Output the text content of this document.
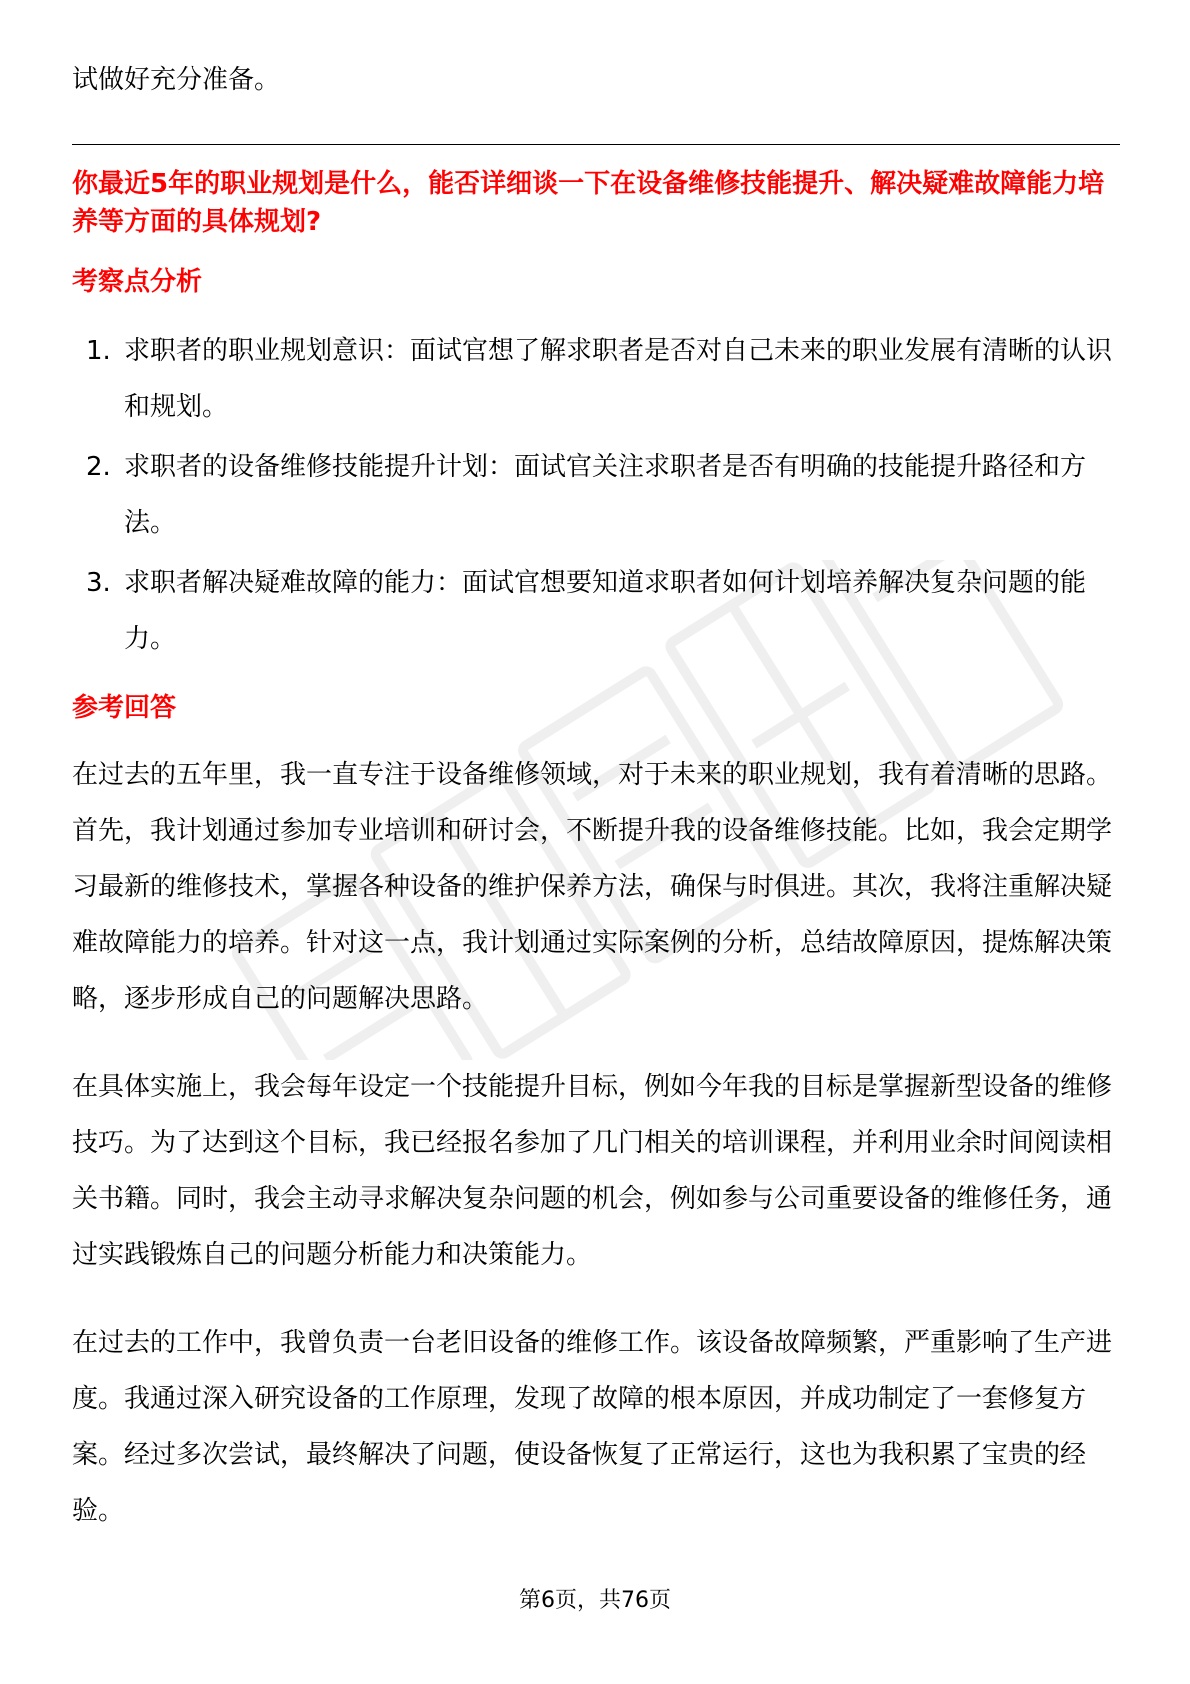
试做好充分准备。

你最近5年的职业规划是什么，能否详细谈一下在设备维修技能提升、解决疑难故障能力培养等方面的具体规划?

考察点分析

1. 求职者的职业规划意识：面试官想了解求职者是否对自己未来的职业发展有清晰的认识和规划。
2. 求职者的设备维修技能提升计划：面试官关注求职者是否有明确的技能提升路径和方法。
3. 求职者解决疑难故障的能力：面试官想要知道求职者如何计划培养解决复杂问题的能力。

参考回答

在过去的五年里，我一直专注于设备维修领域，对于未来的职业规划，我有着清晰的思路。首先，我计划通过参加专业培训和研讨会，不断提升我的设备维修技能。比如，我会定期学习最新的维修技术，掌握各种设备的维护保养方法，确保与时俱进。其次，我将注重解决疑难故障能力的培养。针对这一点，我计划通过实际案例的分析，总结故障原因，提炼解决策略，逐步形成自己的问题解决思路。

在具体实施上，我会每年设定一个技能提升目标，例如今年我的目标是掌握新型设备的维修技巧。为了达到这个目标，我已经报名参加了几门相关的培训课程，并利用业余时间阅读相关书籍。同时，我会主动寻求解决复杂问题的机会，例如参与公司重要设备的维修任务，通过实践锻炼自己的问题分析能力和决策能力。

在过去的工作中，我曾负责一台老旧设备的维修工作。该设备故障频繁，严重影响了生产进度。我通过深入研究设备的工作原理，发现了故障的根本原因，并成功制定了一套修复方案。经过多次尝试，最终解决了问题，使设备恢复了正常运行，这也为我积累了宝贵的经验。

第6页，共76页
